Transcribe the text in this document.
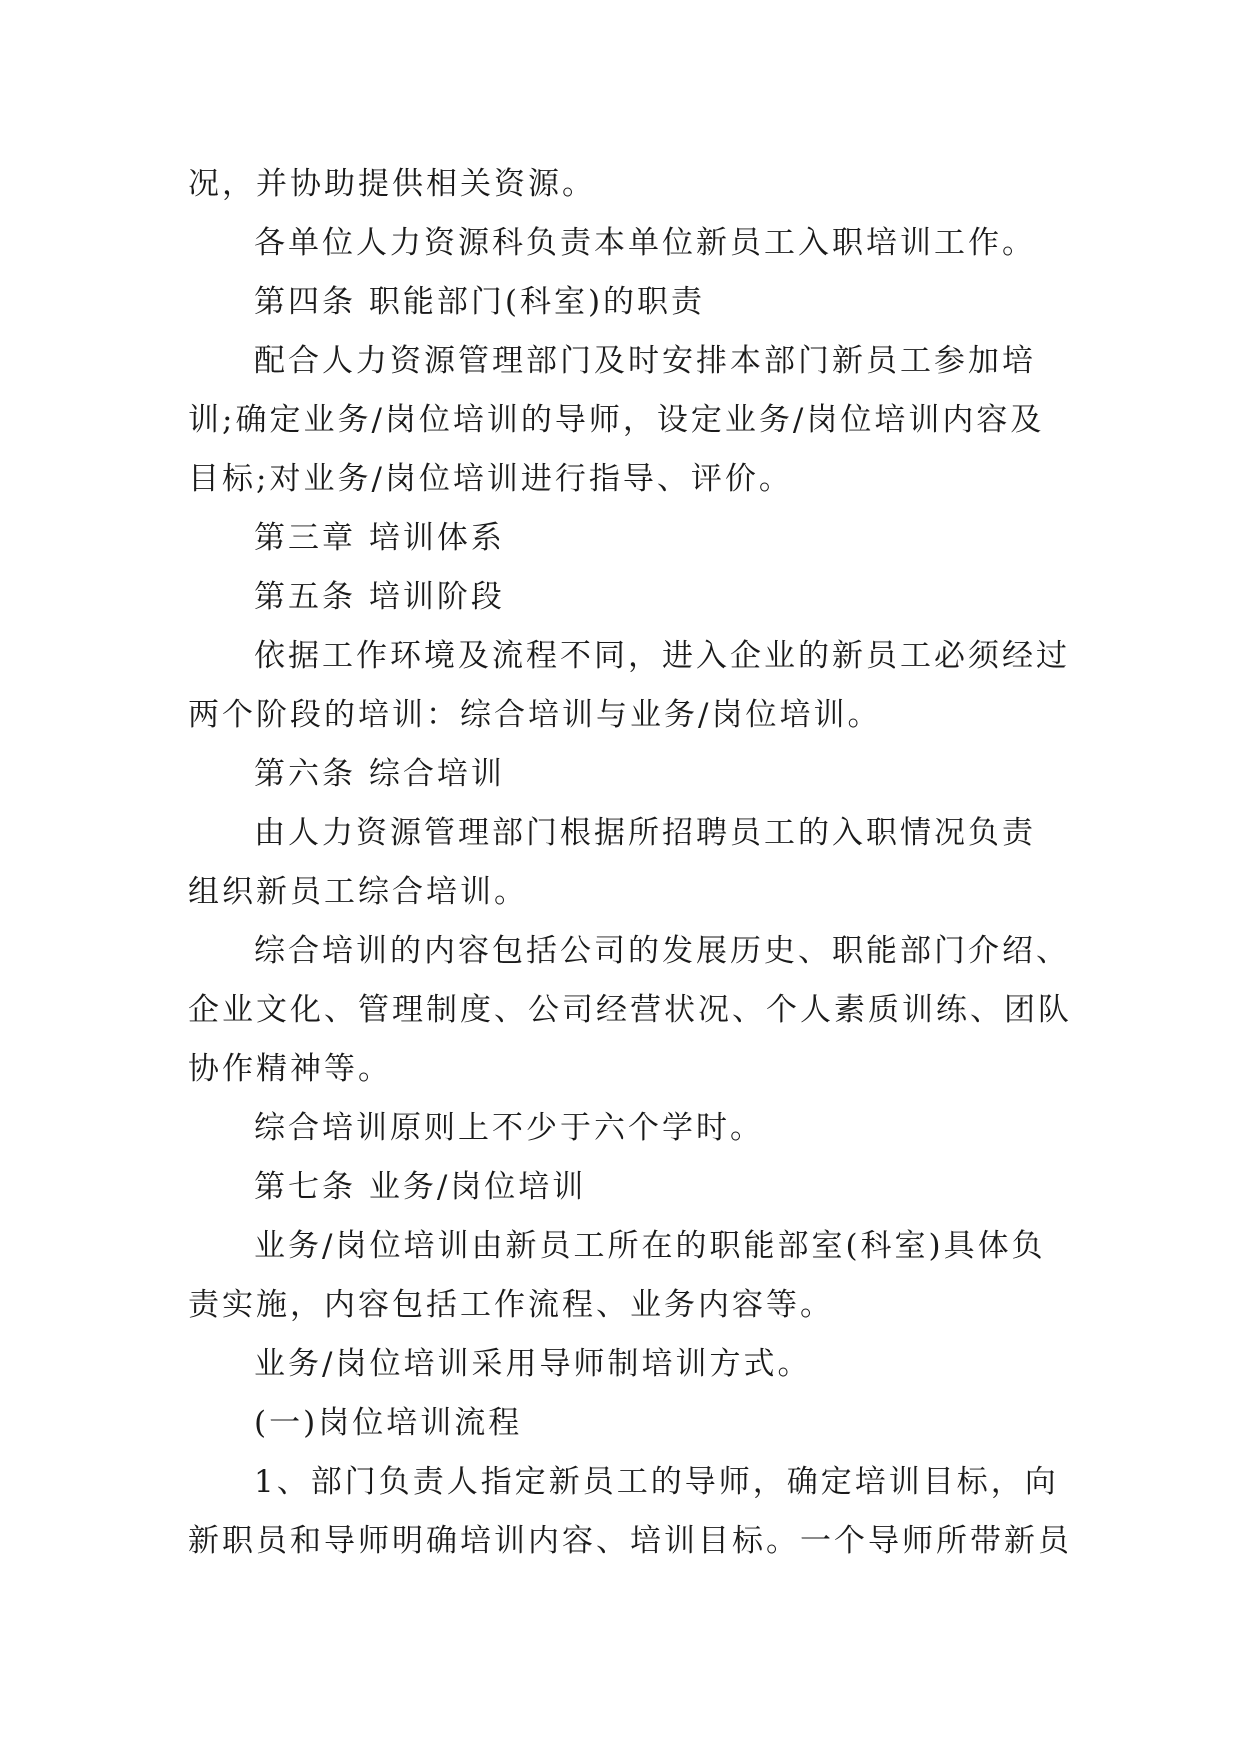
况，并协助提供相关资源。
各单位人力资源科负责本单位新员工入职培训工作。
第四条 职能部门(科室)的职责
配合人力资源管理部门及时安排本部门新员工参加培
训;确定业务/岗位培训的导师，设定业务/岗位培训内容及
目标;对业务/岗位培训进行指导、评价。
第三章 培训体系
第五条 培训阶段
依据工作环境及流程不同，进入企业的新员工必须经过
两个阶段的培训：综合培训与业务/岗位培训。
第六条 综合培训
由人力资源管理部门根据所招聘员工的入职情况负责
组织新员工综合培训。
综合培训的内容包括公司的发展历史、职能部门介绍、
企业文化、管理制度、公司经营状况、个人素质训练、团队
协作精神等。
综合培训原则上不少于六个学时。
第七条 业务/岗位培训
业务/岗位培训由新员工所在的职能部室(科室)具体负
责实施，内容包括工作流程、业务内容等。
业务/岗位培训采用导师制培训方式。
(一)岗位培训流程
1、部门负责人指定新员工的导师，确定培训目标，向
新职员和导师明确培训内容、培训目标。一个导师所带新员
